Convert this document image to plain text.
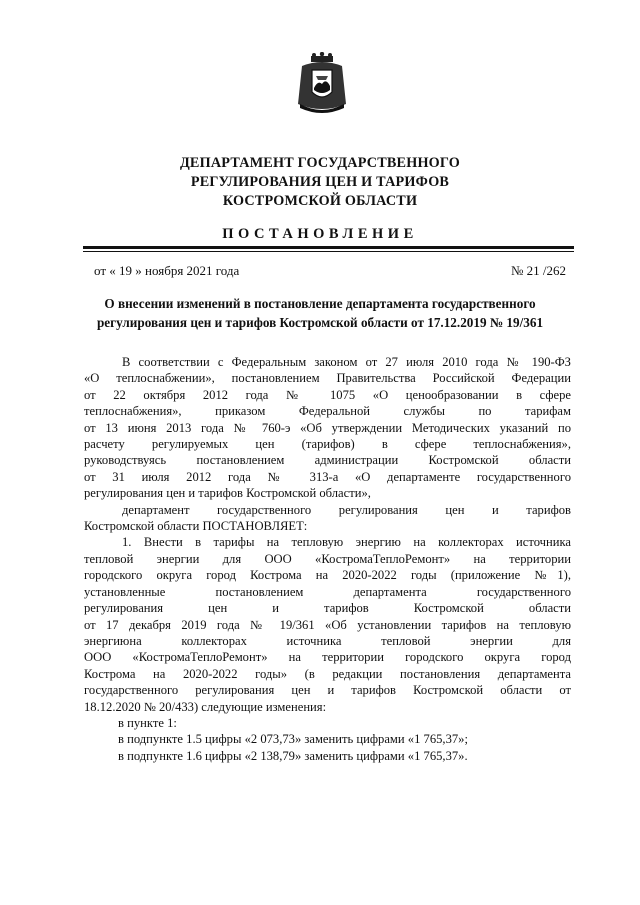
ДЕПАРТАМЕНТ ГОСУДАРСТВЕННОГО
РЕГУЛИРОВАНИЯ ЦЕН И ТАРИФОВ
КОСТРОМСКОЙ ОБЛАСТИ
ПОСТАНОВЛЕНИЕ
от « 19 » ноября 2021 года	№ 21 /262
О внесении изменений в постановление департамента государственного
регулирования цен и тарифов Костромской области от 17.12.2019 № 19/361
В соответствии с Федеральным законом от 27 июля 2010 года № 190-ФЗ
«О теплоснабжении», постановлением Правительства Российской Федерации
от 22 октября 2012 года № 1075 «О ценообразовании в сфере
теплоснабжения», приказом Федеральной службы по тарифам
от 13 июня 2013 года № 760-э «Об утверждении Методических указаний по
расчету регулируемых цен (тарифов) в сфере теплоснабжения»,
руководствуясь постановлением администрации Костромской области
от 31 июля 2012 года № 313-а «О департаменте государственного
регулирования цен и тарифов Костромской области»,
департамент государственного регулирования цен и тарифов
Костромской области ПОСТАНОВЛЯЕТ:
1. Внести в тарифы на тепловую энергию на коллекторах источника
тепловой энергии для ООО «КостромаТеплоРемонт» на территории
городского округа город Кострома на 2020-2022 годы (приложение №1),
установленные постановлением департамента государственного
регулирования цен и тарифов Костромской области
от 17 декабря 2019 года № 19/361 «Об установлении тарифов на тепловую
энергиюна коллекторах источника тепловой энергии для
ООО «КостромаТеплоРемонт» на территории городского округа город
Кострома на 2020-2022 годы» (в редакции постановления департамента
государственного регулирования цен и тарифов Костромской области от
18.12.2020 № 20/433) следующие изменения:
в пункте 1:
в подпункте 1.5 цифры «2 073,73» заменить цифрами «1 765,37»;
в подпункте 1.6 цифры «2 138,79» заменить цифрами «1 765,37».
